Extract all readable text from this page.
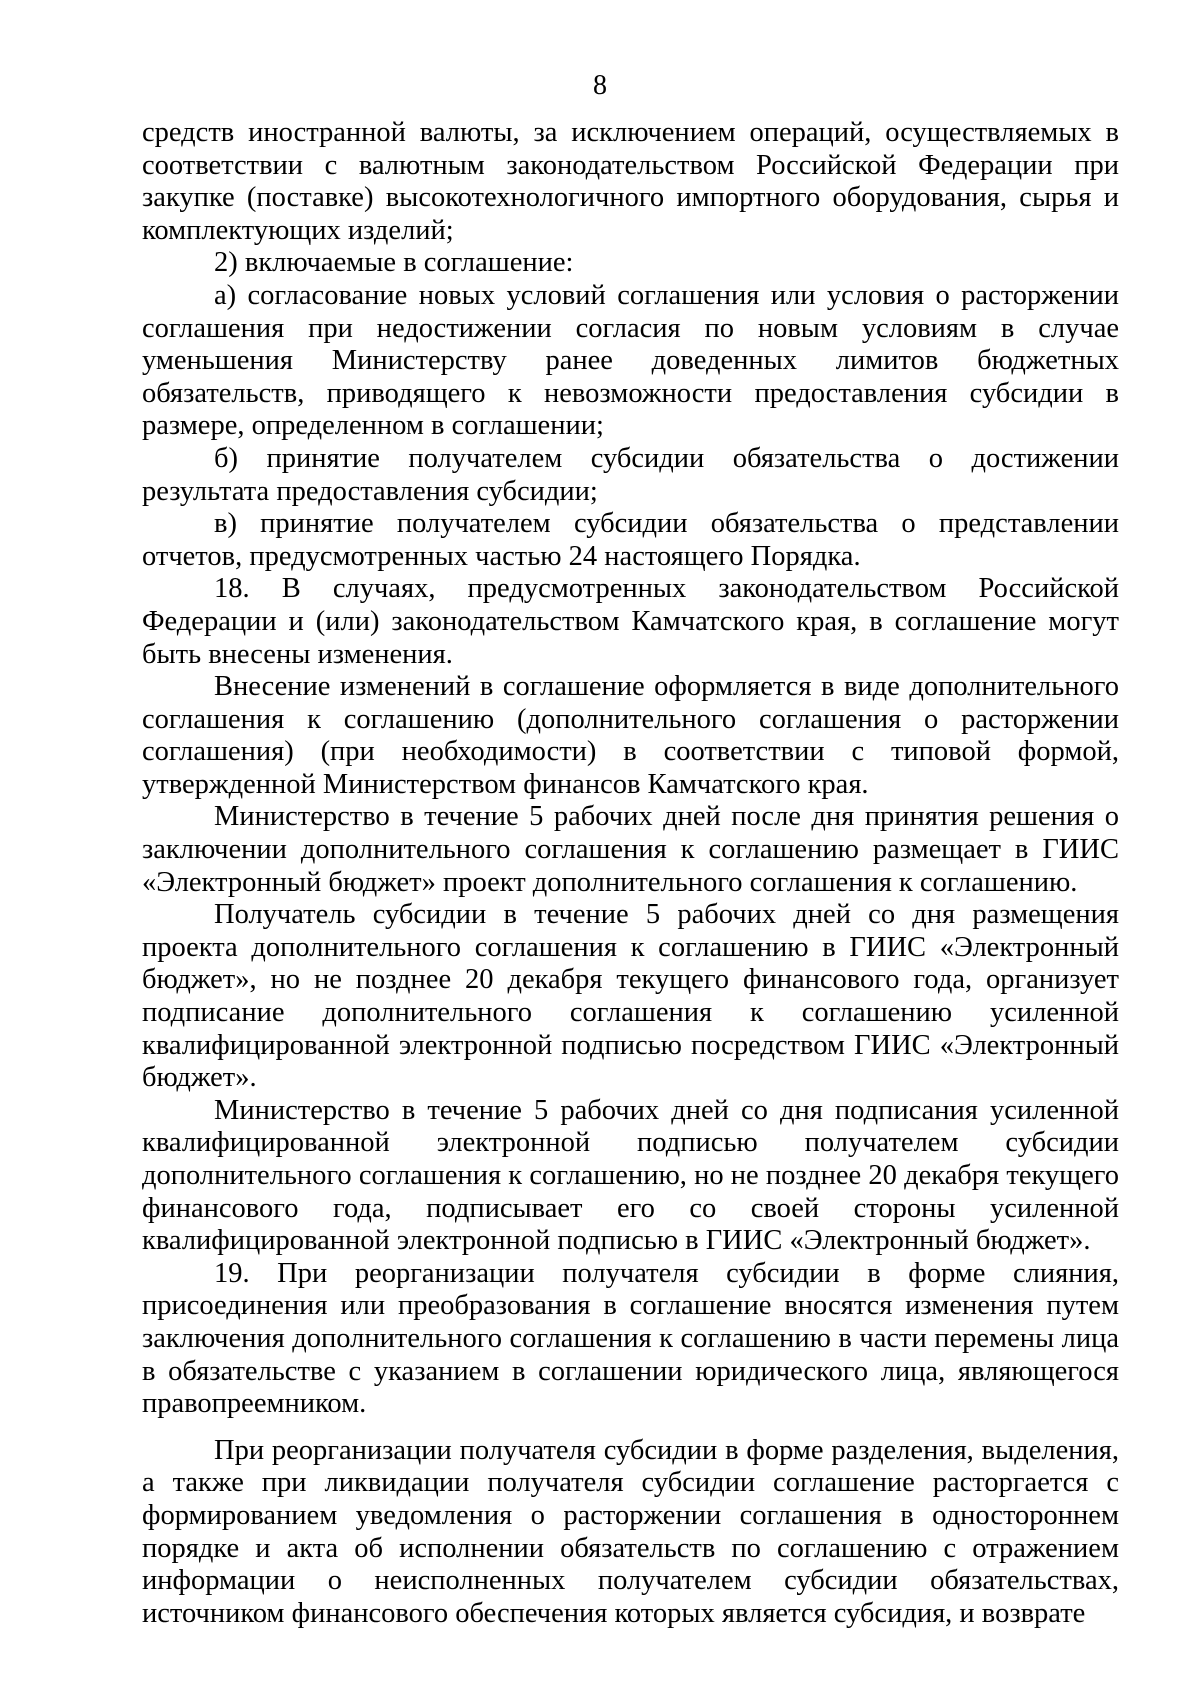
8

средств иностранной валюты, за исключением операций, осуществляемых в соответствии с валютным законодательством Российской Федерации при закупке (поставке) высокотехнологичного импортного оборудования, сырья и комплектующих изделий;

2) включаемые в соглашение:

а) согласование новых условий соглашения или условия о расторжении соглашения при недостижении согласия по новым условиям в случае уменьшения Министерству ранее доведенных лимитов бюджетных обязательств, приводящего к невозможности предоставления субсидии в размере, определенном в соглашении;

б) принятие получателем субсидии обязательства о достижении результата предоставления субсидии;

в) принятие получателем субсидии обязательства о представлении отчетов, предусмотренных частью 24 настоящего Порядка.

18. В случаях, предусмотренных законодательством Российской Федерации и (или) законодательством Камчатского края, в соглашение могут быть внесены изменения.

Внесение изменений в соглашение оформляется в виде дополнительного соглашения к соглашению (дополнительного соглашения о расторжении соглашения) (при необходимости) в соответствии с типовой формой, утвержденной Министерством финансов Камчатского края.

Министерство в течение 5 рабочих дней после дня принятия решения о заключении дополнительного соглашения к соглашению размещает в ГИИС «Электронный бюджет» проект дополнительного соглашения к соглашению.

Получатель субсидии в течение 5 рабочих дней со дня размещения проекта дополнительного соглашения к соглашению в ГИИС «Электронный бюджет», но не позднее 20 декабря текущего финансового года, организует подписание дополнительного соглашения к соглашению усиленной квалифицированной электронной подписью посредством ГИИС «Электронный бюджет».

Министерство в течение 5 рабочих дней со дня подписания усиленной квалифицированной электронной подписью получателем субсидии дополнительного соглашения к соглашению, но не позднее 20 декабря текущего финансового года, подписывает его со своей стороны усиленной квалифицированной электронной подписью в ГИИС «Электронный бюджет».

19. При реорганизации получателя субсидии в форме слияния, присоединения или преобразования в соглашение вносятся изменения путем заключения дополнительного соглашения к соглашению в части перемены лица в обязательстве с указанием в соглашении юридического лица, являющегося правопреемником.

При реорганизации получателя субсидии в форме разделения, выделения, а также при ликвидации получателя субсидии соглашение расторгается с формированием уведомления о расторжении соглашения в одностороннем порядке и акта об исполнении обязательств по соглашению с отражением информации о неисполненных получателем субсидии обязательствах, источником финансового обеспечения которых является субсидия, и возврате
